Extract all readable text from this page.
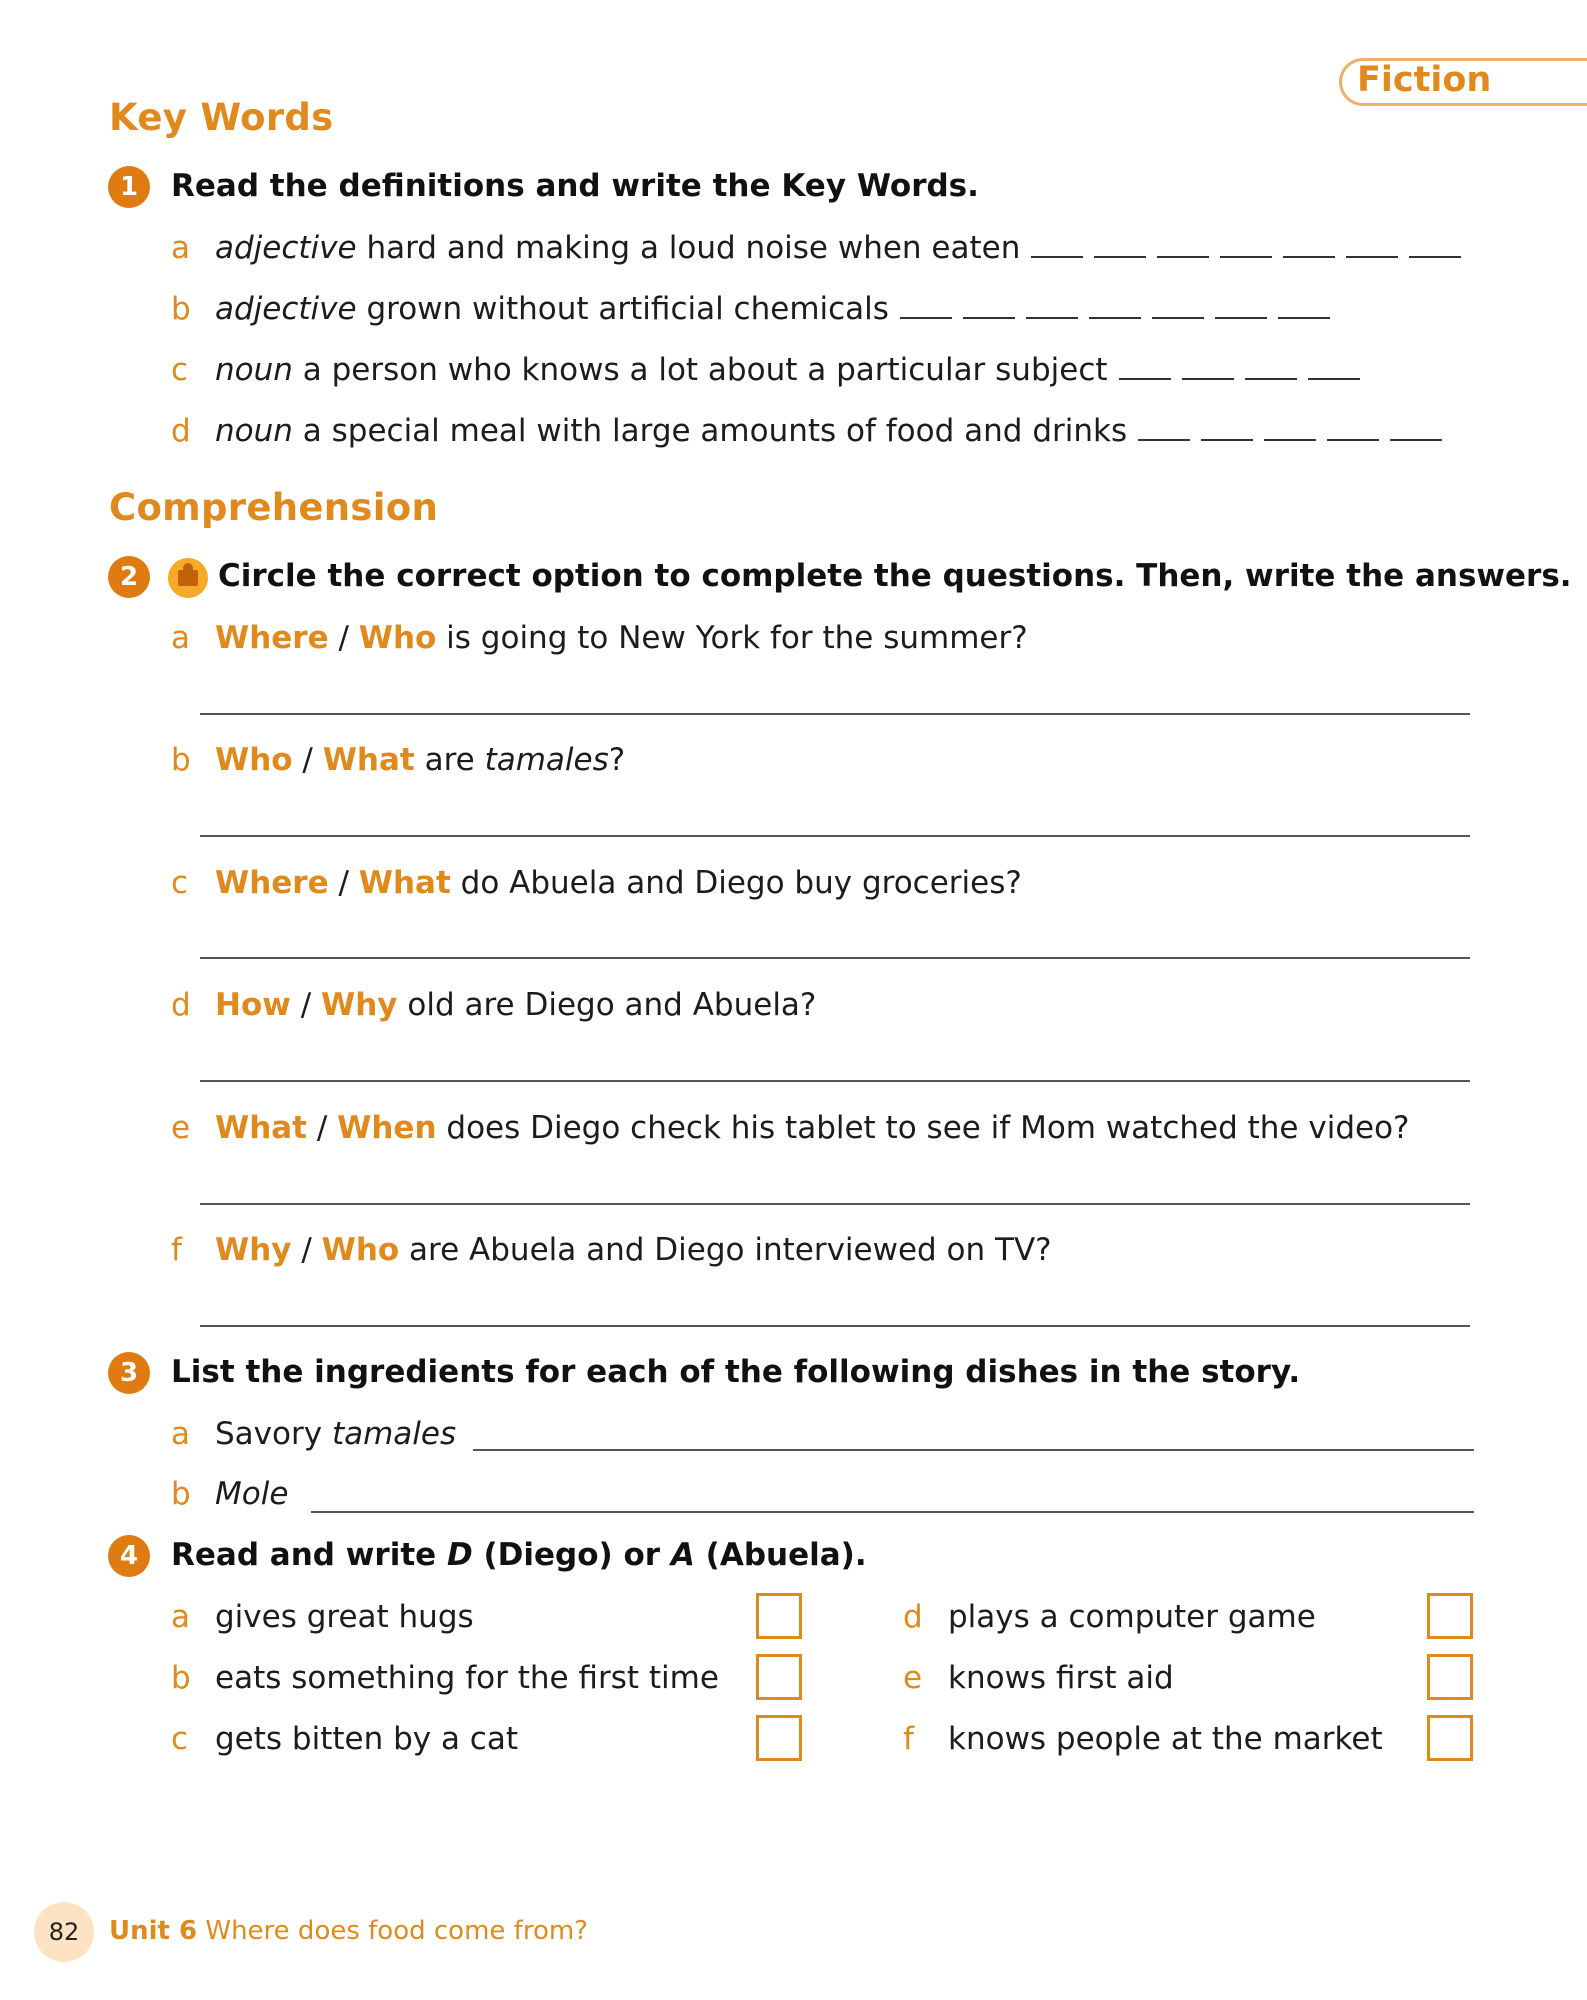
Fiction
Key Words
1	Read the definitions and write the Key Words.
a adjective hard and making a loud noise when eaten
b adjective grown without artificial chemicals
c noun a person who knows a lot about a particular subject
d noun a special meal with large amounts of food and drinks
Comprehension
2	Circle the correct option to complete the questions. Then, write the answers.
a Where / Who is going to New York for the summer?
b Who / What are tamales?
c Where / What do Abuela and Diego buy groceries?
d How / Why old are Diego and Abuela?
e What / When does Diego check his tablet to see if Mom watched the video?
f Why / Who are Abuela and Diego interviewed on TV?
3	List the ingredients for each of the following dishes in the story.
a Savory tamales
b Mole
4	Read and write D (Diego) or A (Abuela).
a gives great hugs
b eats something for the first time
c gets bitten by a cat
d plays a computer game
e knows first aid
f knows people at the market
82	Unit 6 Where does food come from?
